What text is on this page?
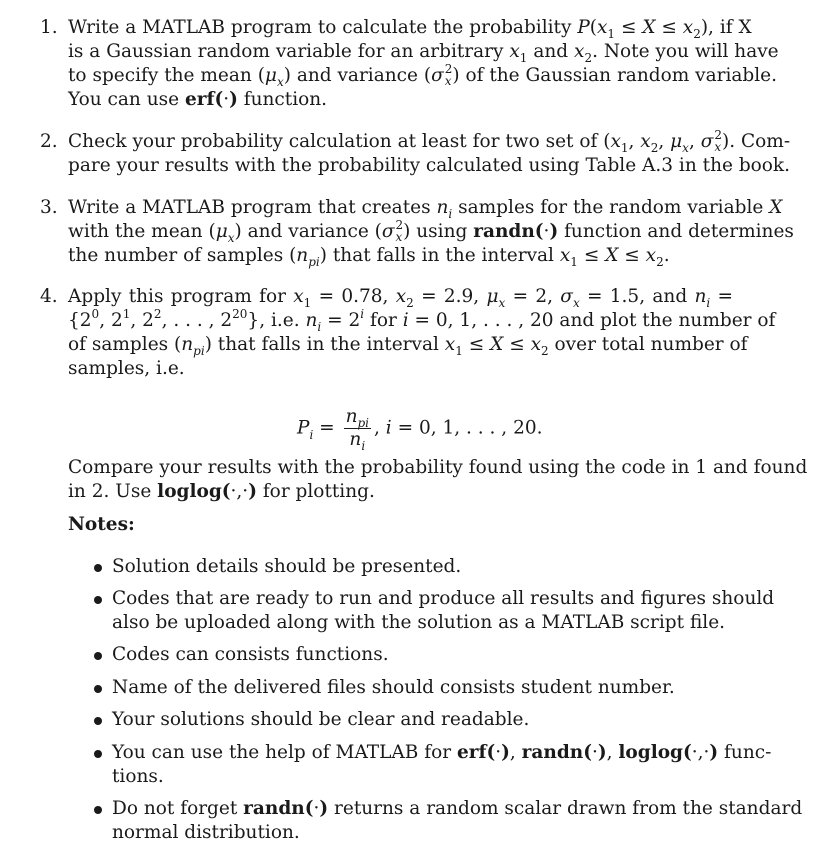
1. Write a MATLAB program to calculate the probability $P(x_1 \le X \le x_2)$, if X
is a Gaussian random variable for an arbitrary $x_1$ and $x_2$. Note you will have
to specify the mean $(\mu_x)$ and variance (σ 2
x ) of the Gaussian random variable.
You can use erf(·) function.
2. Check your probability calculation at least for two set of ($x_1$, $x_2$, $\mu_x$, σ 2
x ). Com-
pare your results with the probability calculated using Table A.3 in the book.
3. Write a MATLAB program that creates $n_i$ samples for the random variable X
with the mean $(\mu_x)$ and variance (σ 2
x ) using randn(·) function and determines
the number of samples $(n_{pi})$ that falls in the interval $x_1 \le X \le x_2$.
4. Apply this program for $x_1 = 0.78$, $x_2 = 2.9$, $\mu_x = 2$, $\sigma_x = 1.5$, and $n_i$ =
{$2^0$, $2^1$, $2^2$, . . . , $2^{20}$}, i.e. $n_i = 2^i$ for i = 0, 1, . . . , 20 and plot the number of
of samples $(n_{pi})$ that falls in the interval $x_1 \le X \le x_2$ over total number of
samples, i.e.
$P_i = \frac{n_{pi}}{n_i}$ , i = 0, 1, . . . , 20.
Compare your results with the probability found using the code in 1 and found
in 2. Use loglog(·,·) for plotting.
Notes:
Solution details should be presented.
Codes that are ready to run and produce all results and figures should
also be uploaded along with the solution as a MATLAB script file.
Codes can consists functions.
Name of the delivered files should consists student number.
Your solutions should be clear and readable.
You can use the help of MATLAB for erf(·), randn(·), loglog(·,·) func-
tions.
Do not forget randn(·) returns a random scalar drawn from the standard
normal distribution.
